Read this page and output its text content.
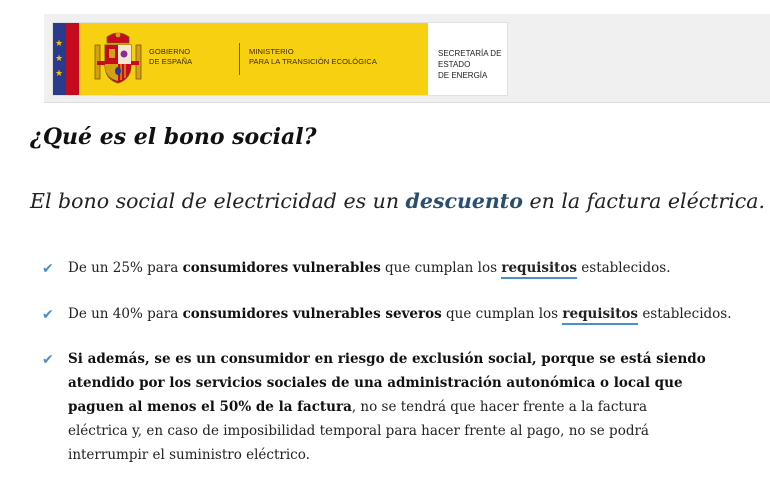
★
★
★
GOBIERNO
DE ESPAÑA
MINISTERIO
PARA LA TRANSICIÓN ECOLÓGICA
SECRETARÍA DE ESTADO
DE ENERGÍA
¿Qué es el bono social?

El bono social de electricidad es un descuento en la factura eléctrica.

✔ De un 25% para consumidores vulnerables que cumplan los requisitos establecidos.
✔ De un 40% para consumidores vulnerables severos que cumplan los requisitos establecidos.
✔ Si además, se es un consumidor en riesgo de exclusión social, porque se está siendo atendido por los servicios sociales de una administración autonómica o local que paguen al menos el 50% de la factura, no se tendrá que hacer frente a la factura eléctrica y, en caso de imposibilidad temporal para hacer frente al pago, no se podrá interrumpir el suministro eléctrico.
